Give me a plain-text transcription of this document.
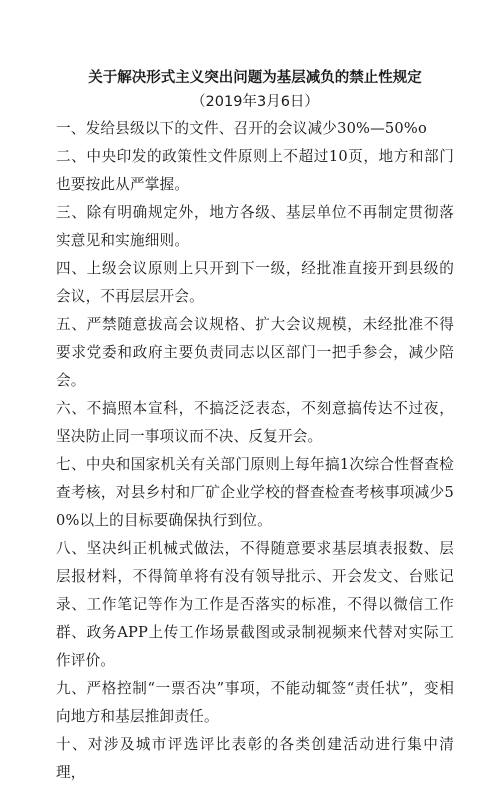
关于解决形式主义突出问题为基层减负的禁止性规定
（2019年3月6日）

一、发给县级以下的文件、召开的会议减少30%—50%o

二、中央印发的政策性文件原则上不超过10页，地方和部门也要按此从严掌握。

三、除有明确规定外，地方各级、基层单位不再制定贯彻落实意见和实施细则。

四、上级会议原则上只开到下一级，经批准直接开到县级的会议，不再层层开会。

五、严禁随意拔高会议规格、扩大会议规模，未经批准不得要求党委和政府主要负责同志以区部门一把手参会，减少陪会。

六、不搞照本宣科，不搞泛泛表态，不刻意搞传达不过夜，坚决防止同一事项议而不决、反复开会。

七、中央和国家机关有关部门原则上每年搞1次综合性督查检查考核，对县乡村和厂矿企业学校的督查检查考核事项减少50%以上的目标要确保执行到位。

八、坚决纠正机械式做法，不得随意要求基层填表报数、层层报材料，不得简单将有没有领导批示、开会发文、台账记录、工作笔记等作为工作是否落实的标准，不得以微信工作群、政务APP上传工作场景截图或录制视频来代替对实际工作评价。

九、严格控制“一票否决”事项，不能动辄签“责任状”，变相向地方和基层推卸责任。

十、对涉及城市评选评比表彰的各类创建活动进行集中清理，
